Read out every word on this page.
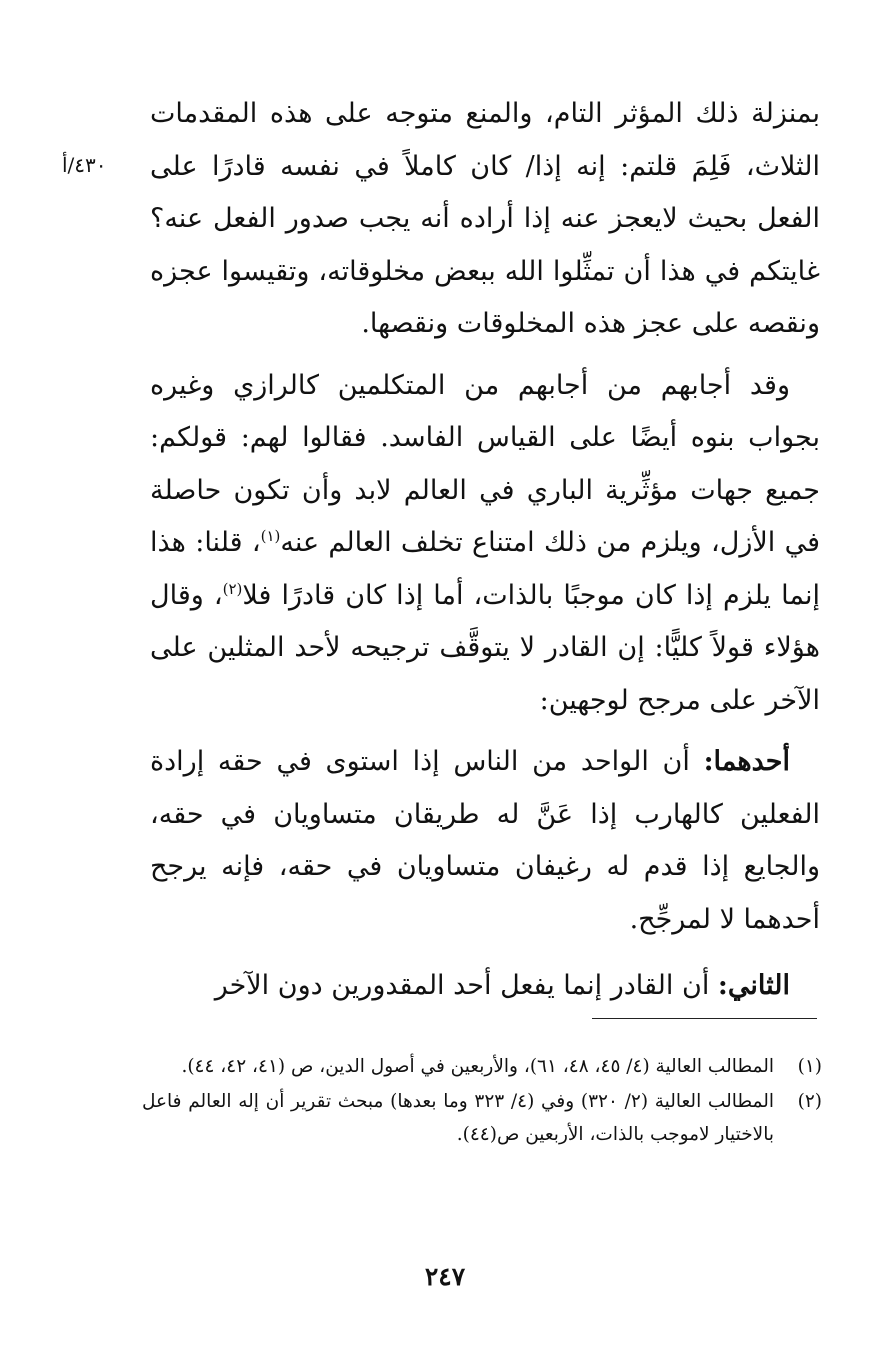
٤٣٠/أ

بمنزلة ذلك المؤثر التام، والمنع متوجه على هذه المقدمات الثلاث، فَلِمَ قلتم: إنه إذا/ كان كاملاً في نفسه قادرًا على الفعل بحيث لايعجز عنه إذا أراده أنه يجب صدور الفعل عنه؟ غايتكم في هذا أن تمثِّلوا الله ببعض مخلوقاته، وتقيسوا عجزه ونقصه على عجز هذه المخلوقات ونقصها.

وقد أجابهم من أجابهم من المتكلمين كالرازي وغيره بجواب بنوه أيضًا على القياس الفاسد. فقالوا لهم: قولكم: جميع جهات مؤثِّرية الباري في العالم لابد وأن تكون حاصلة في الأزل، ويلزم من ذلك امتناع تخلف العالم عنه$^{(١)}$، قلنا: هذا إنما يلزم إذا كان موجبًا بالذات، أما إذا كان قادرًا فلا$^{(٢)}$، وقال هؤلاء قولاً كليًّا: إن القادر لا يتوقَّف ترجيحه لأحد المثلين على الآخر على مرجح لوجهين:

أحدهما: أن الواحد من الناس إذا استوى في حقه إرادة الفعلين كالهارب إذا عَنَّ له طريقان متساويان في حقه، والجايع إذا قدم له رغيفان متساويان في حقه، فإنه يرجح أحدهما لا لمرجِّح.

الثاني: أن القادر إنما يفعل أحد المقدورين دون الآخر

(١)
المطالب العالية (٤/ ٤٥، ٤٨، ٦١)، والأربعين في أصول الدين، ص (٤١، ٤٢، ٤٤).
(٢)
المطالب العالية (٢/ ٣٢٠) وفي (٤/ ٣٢٣ وما بعدها) مبحث تقرير أن إله العالم فاعل بالاختيار لاموجب بالذات، الأربعين ص(٤٤).
٢٤٧
